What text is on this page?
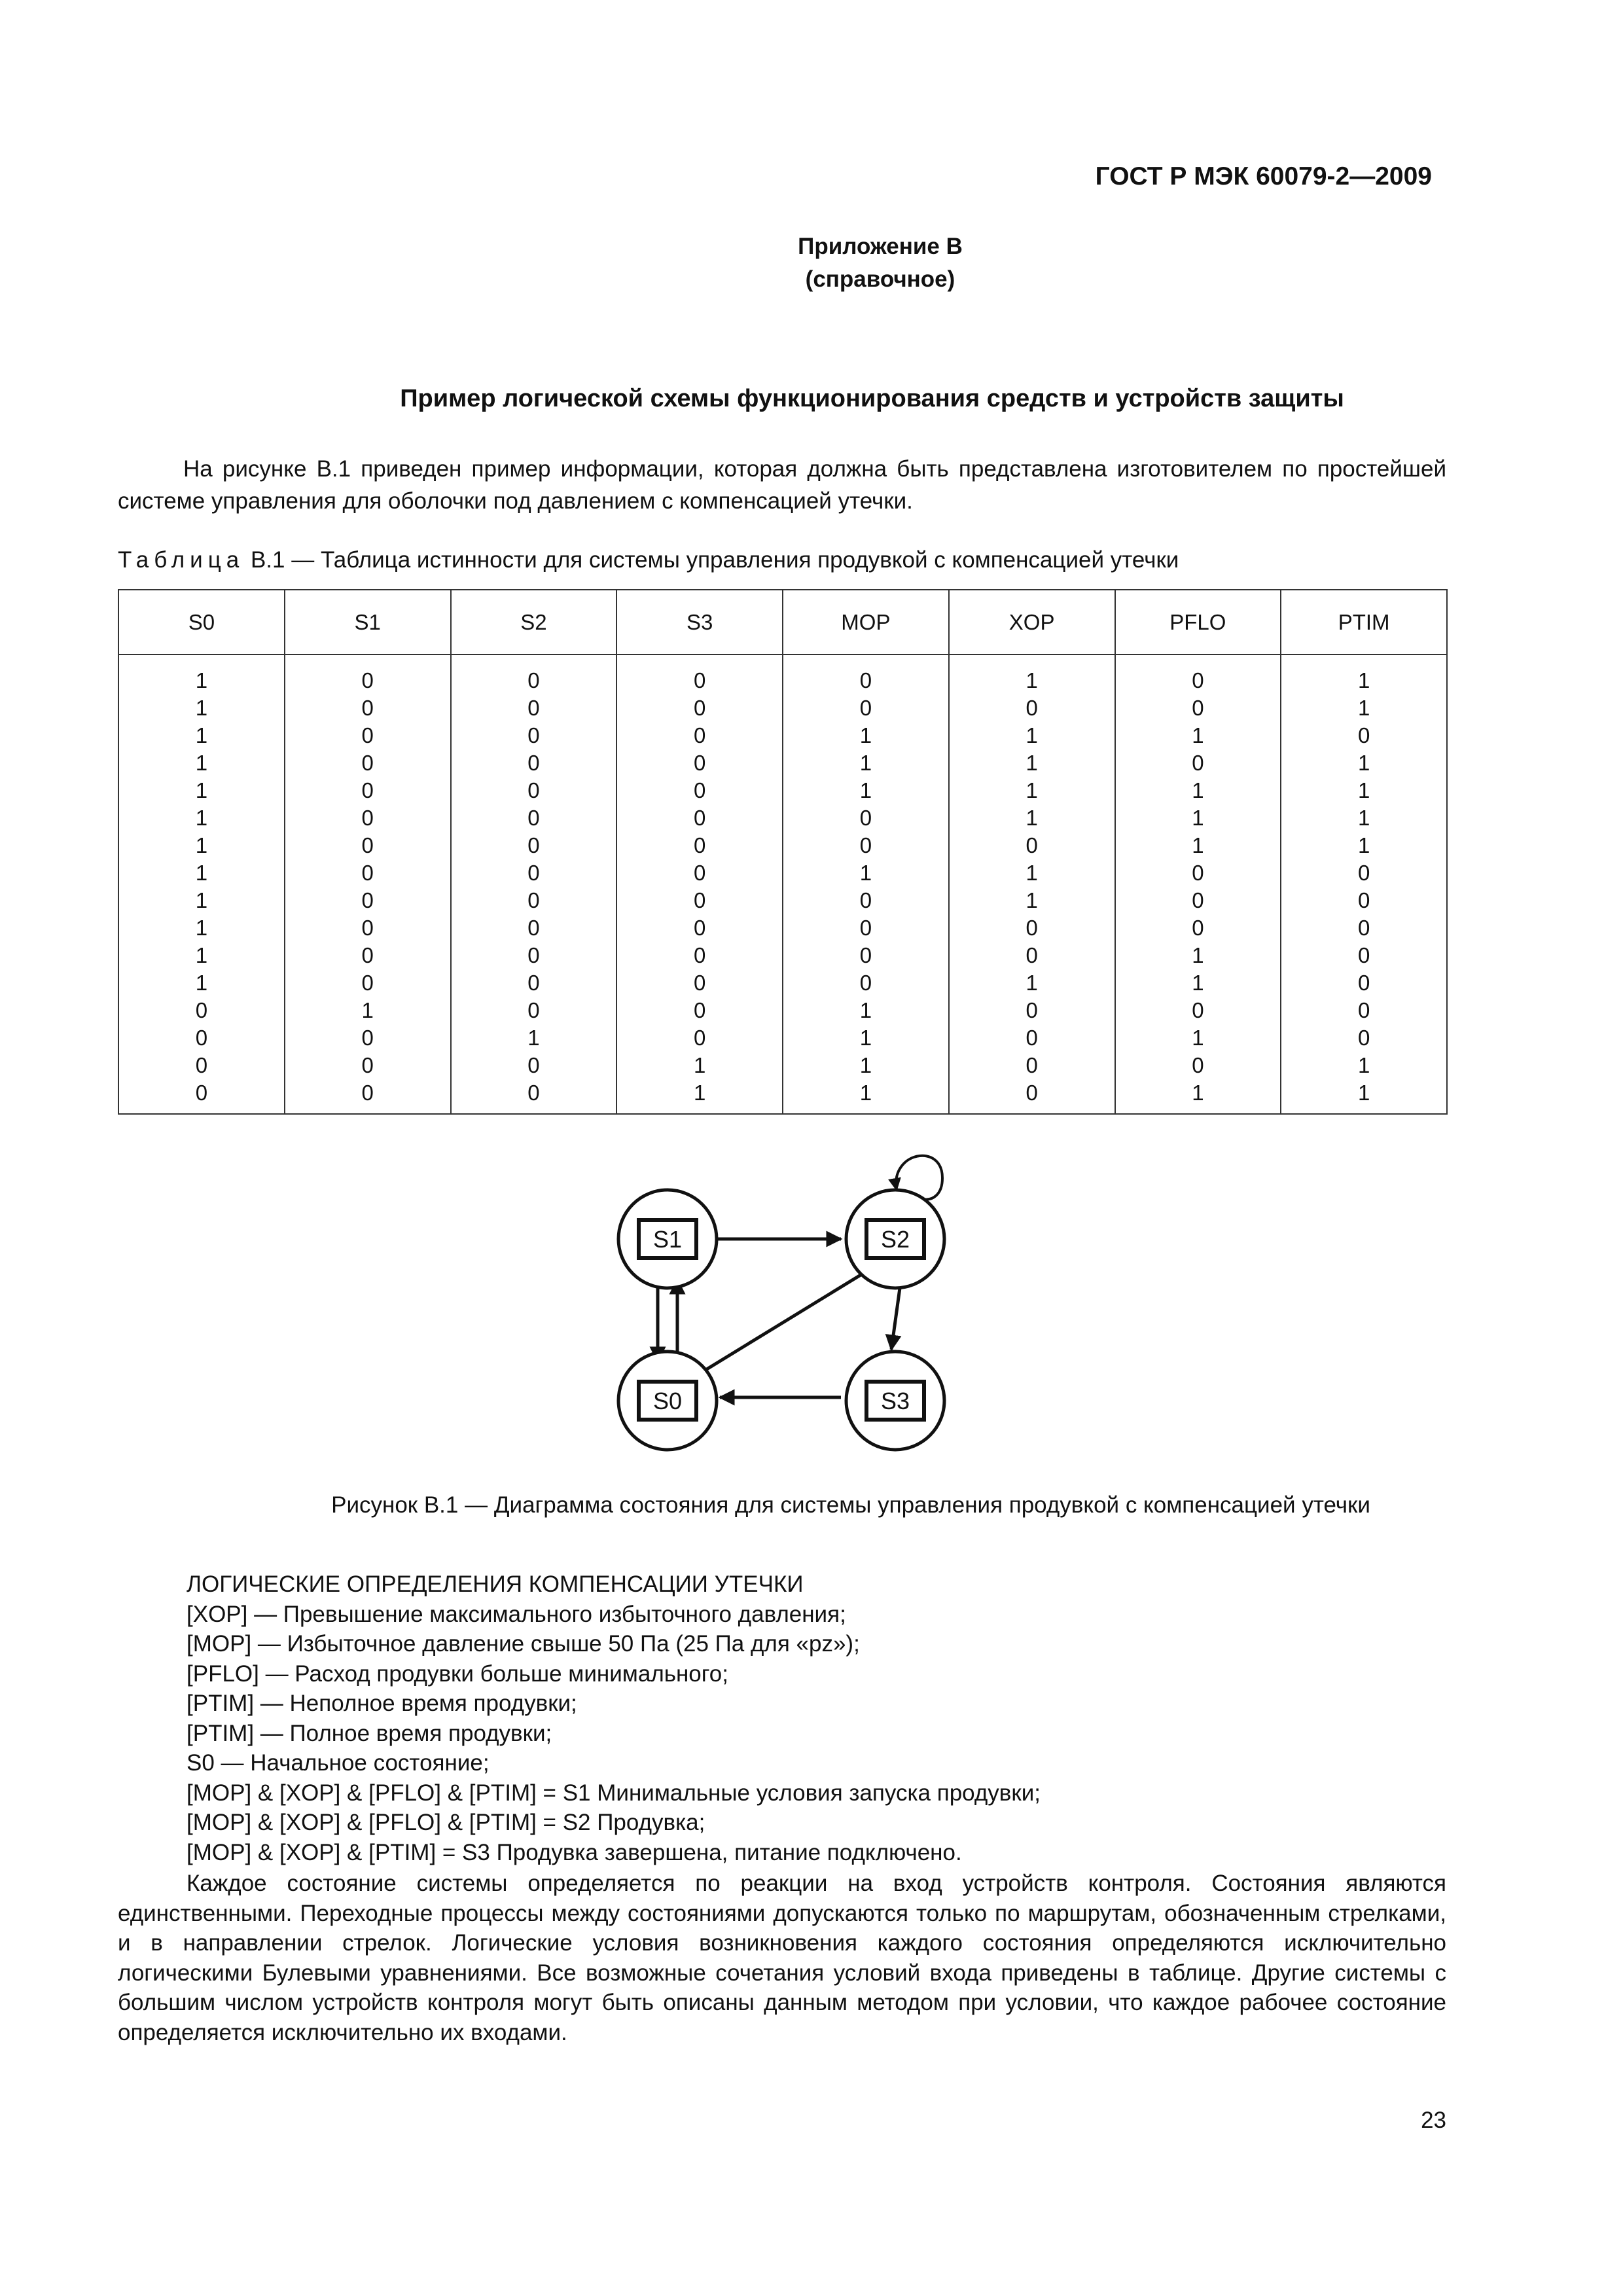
ГОСТ Р МЭК 60079-2—2009
Приложение В
(справочное)
Пример логической схемы функционирования средств и устройств защиты
На рисунке В.1 приведен пример информации, которая должна быть представлена изготовителем по простейшей системе управления для оболочки под давлением с компенсацией утечки.
Таблица В.1 — Таблица истинности для системы управления продувкой с компенсацией утечки
S0	S1	S2	S3	MOP	XOP	PFLO	PTIM
1	0	0	0	0	1	0	1
1	0	0	0	0	0	0	1
1	0	0	0	1	1	1	0
1	0	0	0	1	1	0	1
1	0	0	0	1	1	1	1
1	0	0	0	0	1	1	1
1	0	0	0	0	0	1	1
1	0	0	0	1	1	0	0
1	0	0	0	0	1	0	0
1	0	0	0	0	0	0	0
1	0	0	0	0	0	1	0
1	0	0	0	0	1	1	0
0	1	0	0	1	0	0	0
0	0	1	0	1	0	1	0
0	0	0	1	1	0	0	1
0	0	0	1	1	0	1	1
S1	S2
S0	S3
Рисунок В.1 — Диаграмма состояния для системы управления продувкой с компенсацией утечки
ЛОГИЧЕСКИЕ ОПРЕДЕЛЕНИЯ КОМПЕНСАЦИИ УТЕЧКИ
[XOP] — Превышение максимального избыточного давления;
[MOP] — Избыточное давление свыше 50 Па (25 Па для «pz»);
[PFLO] — Расход продувки больше минимального;
[PTIM] — Неполное время продувки;
[PTIM] — Полное время продувки;
S0 — Начальное состояние;
[MOP] & [XOP] & [PFLO] & [PTIM] = S1 Минимальные условия запуска продувки;
[MOP] & [XOP] & [PFLO] & [PTIM] = S2 Продувка;
[MOP] & [XOP] & [PTIM] = S3 Продувка завершена, питание подключено.
Каждое состояние системы определяется по реакции на вход устройств контроля. Состояния являются единственными. Переходные процессы между состояниями допускаются только по маршрутам, обозначенным стрелками, и в направлении стрелок. Логические условия возникновения каждого состояния определяются исключительно логическими Булевыми уравнениями. Все возможные сочетания условий входа приведены в таблице. Другие системы с большим числом устройств контроля могут быть описаны данным методом при условии, что каждое рабочее состояние определяется исключительно их входами.
23
